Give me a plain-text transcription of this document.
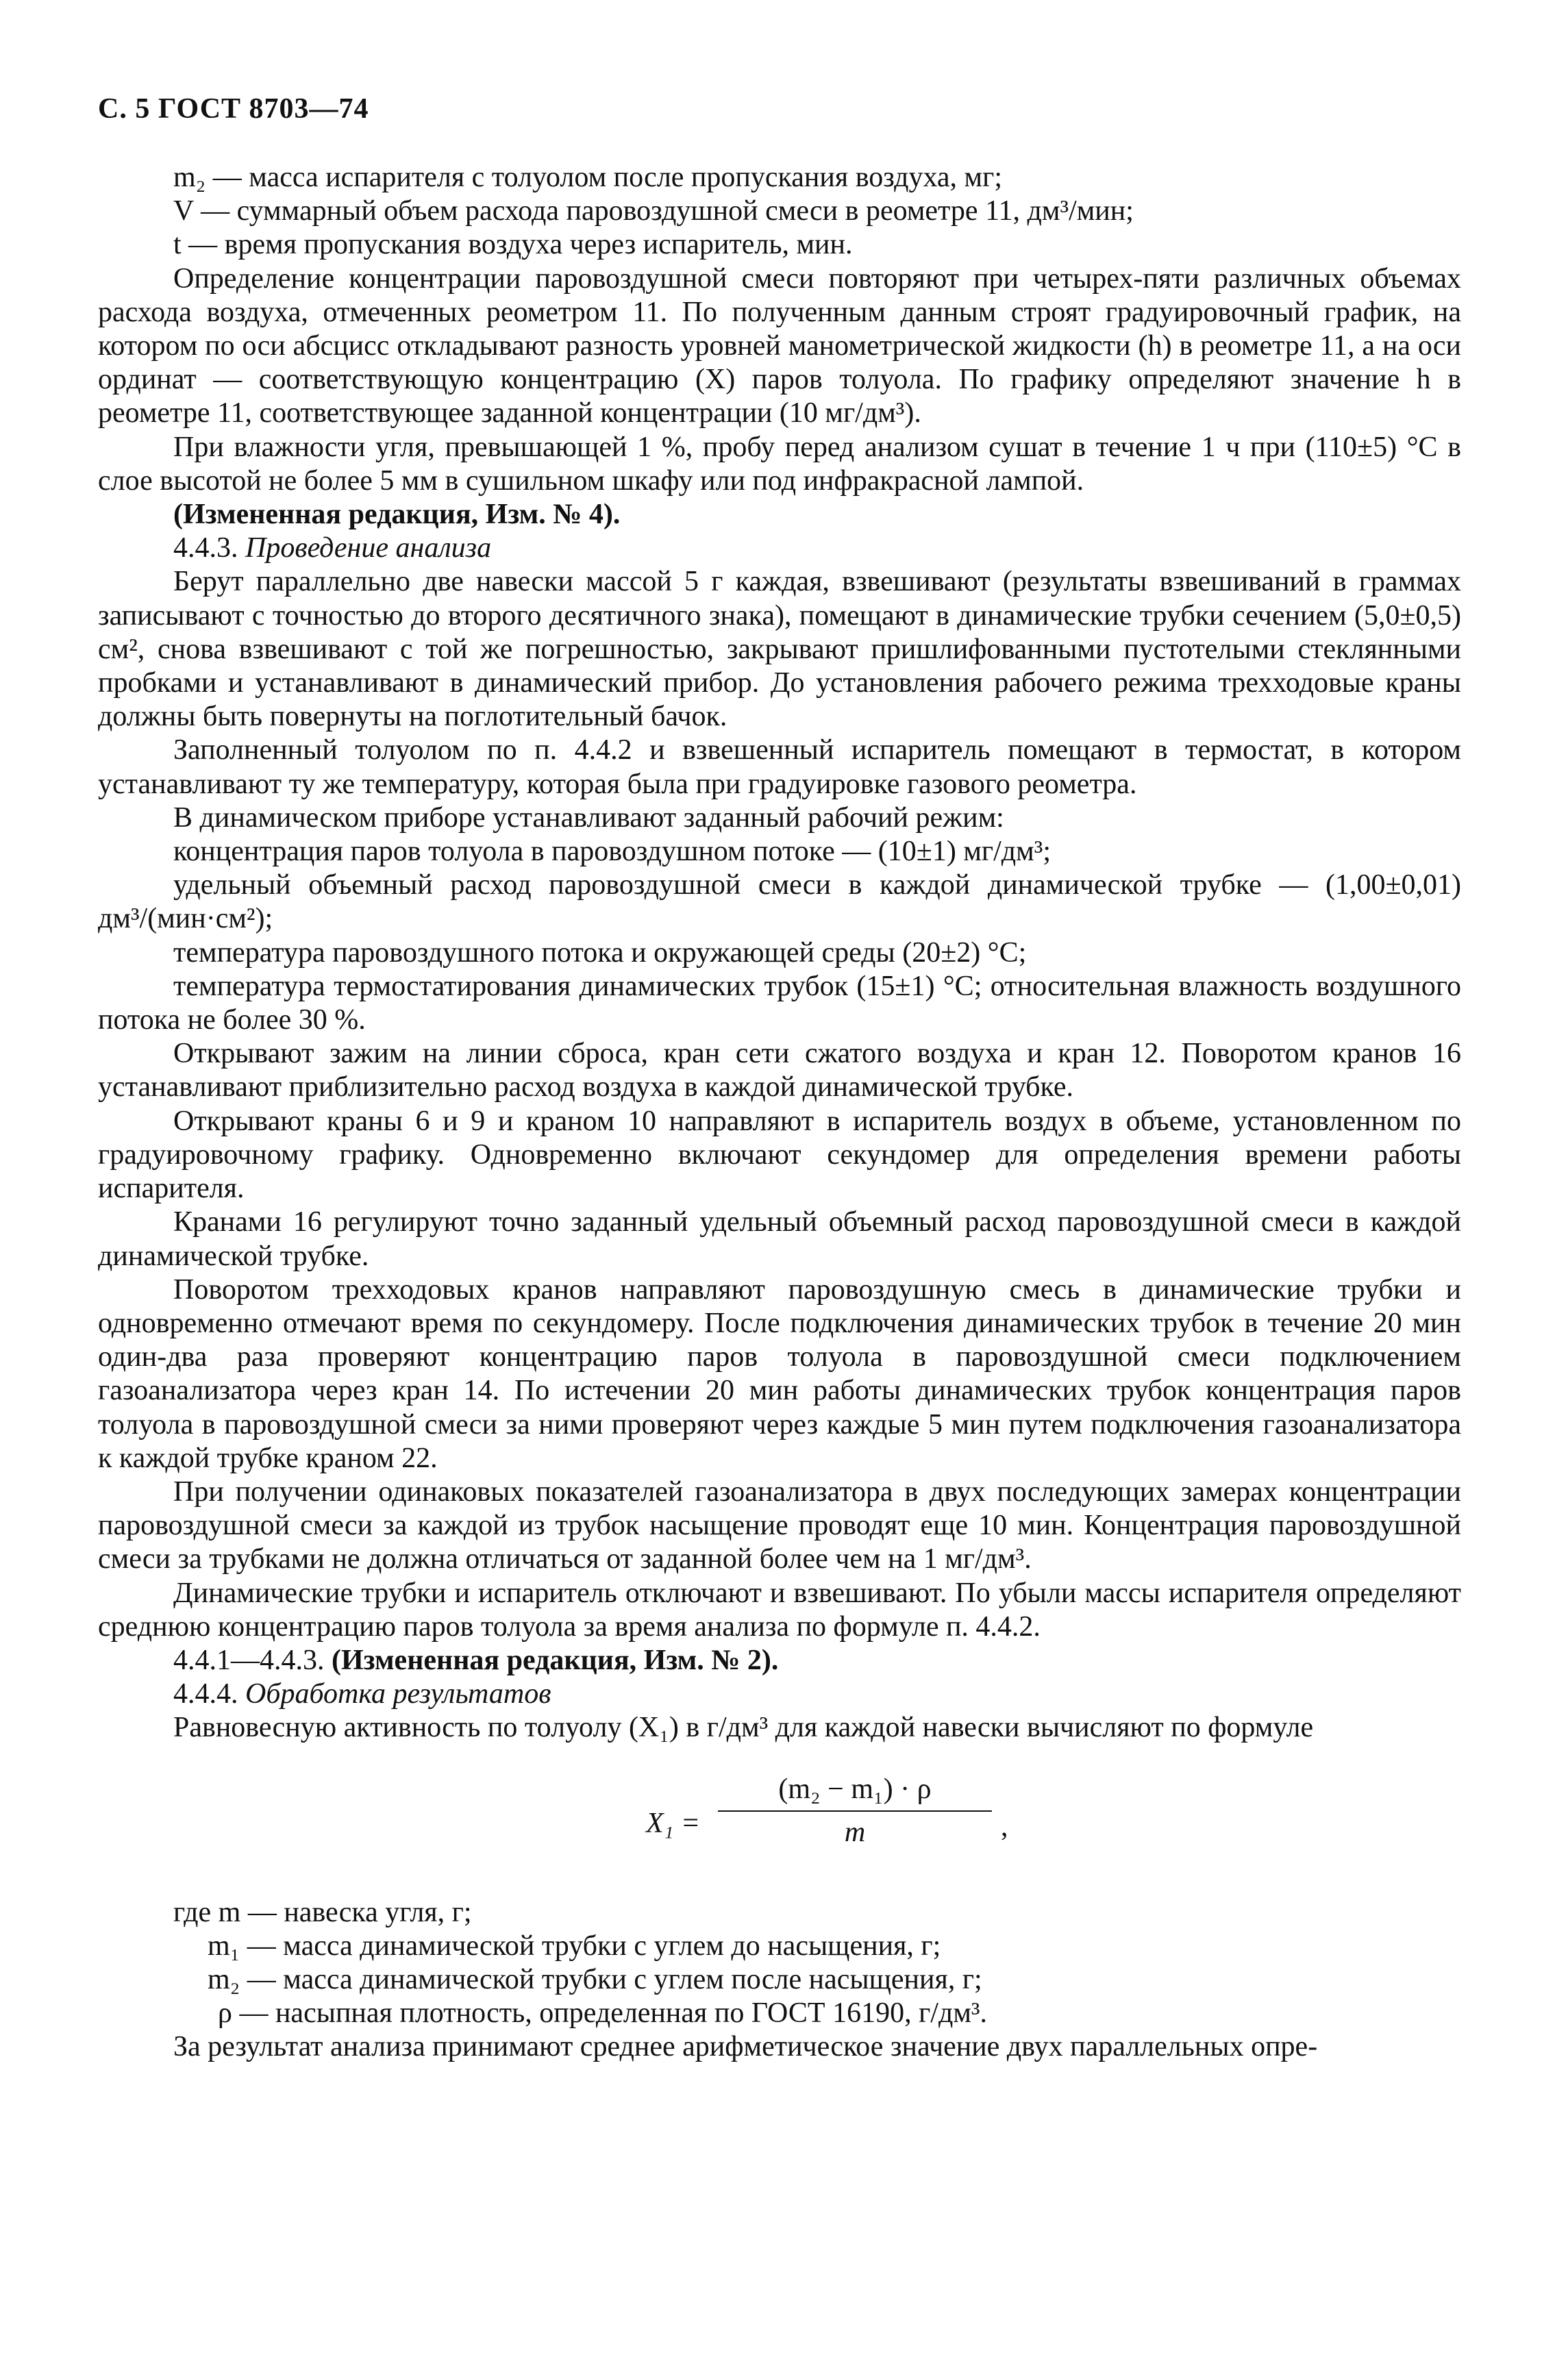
С. 5 ГОСТ 8703—74

m₂ — масса испарителя с толуолом после пропускания воздуха, мг;

V — суммарный объем расхода паровоздушной смеси в реометре 11, дм³/мин;

t — время пропускания воздуха через испаритель, мин.

Определение концентрации паровоздушной смеси повторяют при четырех-пяти различных объемах расхода воздуха, отмеченных реометром 11. По полученным данным строят градуировочный график, на котором по оси абсцисс откладывают разность уровней манометрической жидкости (h) в реометре 11, а на оси ординат — соответствующую концентрацию (X) паров толуола. По графику определяют значение h в реометре 11, соответствующее заданной концентрации (10 мг/дм³).

При влажности угля, превышающей 1 %, пробу перед анализом сушат в течение 1 ч при (110±5) °С в слое высотой не более 5 мм в сушильном шкафу или под инфракрасной лампой.

(Измененная редакция, Изм. № 4).

4.4.3. Проведение анализа

Берут параллельно две навески массой 5 г каждая, взвешивают (результаты взвешиваний в граммах записывают с точностью до второго десятичного знака), помещают в динамические трубки сечением (5,0±0,5) см², снова взвешивают с той же погрешностью, закрывают пришлифованными пустотелыми стеклянными пробками и устанавливают в динамический прибор. До установления рабочего режима трехходовые краны должны быть повернуты на поглотительный бачок.

Заполненный толуолом по п. 4.4.2 и взвешенный испаритель помещают в термостат, в котором устанавливают ту же температуру, которая была при градуировке газового реометра.

В динамическом приборе устанавливают заданный рабочий режим:

концентрация паров толуола в паровоздушном потоке — (10±1) мг/дм³;

удельный объемный расход паровоздушной смеси в каждой динамической трубке — (1,00±0,01) дм³/(мин·см²);

температура паровоздушного потока и окружающей среды (20±2) °С;

температура термостатирования динамических трубок (15±1) °С; относительная влажность воздушного потока не более 30 %.

Открывают зажим на линии сброса, кран сети сжатого воздуха и кран 12. Поворотом кранов 16 устанавливают приблизительно расход воздуха в каждой динамической трубке.

Открывают краны 6 и 9 и краном 10 направляют в испаритель воздух в объеме, установленном по градуировочному графику. Одновременно включают секундомер для определения времени работы испарителя.

Кранами 16 регулируют точно заданный удельный объемный расход паровоздушной смеси в каждой динамической трубке.

Поворотом трехходовых кранов направляют паровоздушную смесь в динамические трубки и одновременно отмечают время по секундомеру. После подключения динамических трубок в течение 20 мин один-два раза проверяют концентрацию паров толуола в паровоздушной смеси подключением газоанализатора через кран 14. По истечении 20 мин работы динамических трубок концентрация паров толуола в паровоздушной смеси за ними проверяют через каждые 5 мин путем подключения газоанализатора к каждой трубке краном 22.

При получении одинаковых показателей газоанализатора в двух последующих замерах концентрации паровоздушной смеси за каждой из трубок насыщение проводят еще 10 мин. Концентрация паровоздушной смеси за трубками не должна отличаться от заданной более чем на 1 мг/дм³.

Динамические трубки и испаритель отключают и взвешивают. По убыли массы испарителя определяют среднюю концентрацию паров толуола за время анализа по формуле п. 4.4.2.

4.4.1—4.4.3. (Измененная редакция, Изм. № 2).

4.4.4. Обработка результатов

Равновесную активность по толуолу (X₁) в г/дм³ для каждой навески вычисляют по формуле

X₁ =
(m₂ − m₁) · ρ
m	,

где m — навеска угля, г;

m₁ — масса динамической трубки с углем до насыщения, г;

m₂ — масса динамической трубки с углем после насыщения, г;

ρ — насыпная плотность, определенная по ГОСТ 16190, г/дм³.

За результат анализа принимают среднее арифметическое значение двух параллельных опре-
